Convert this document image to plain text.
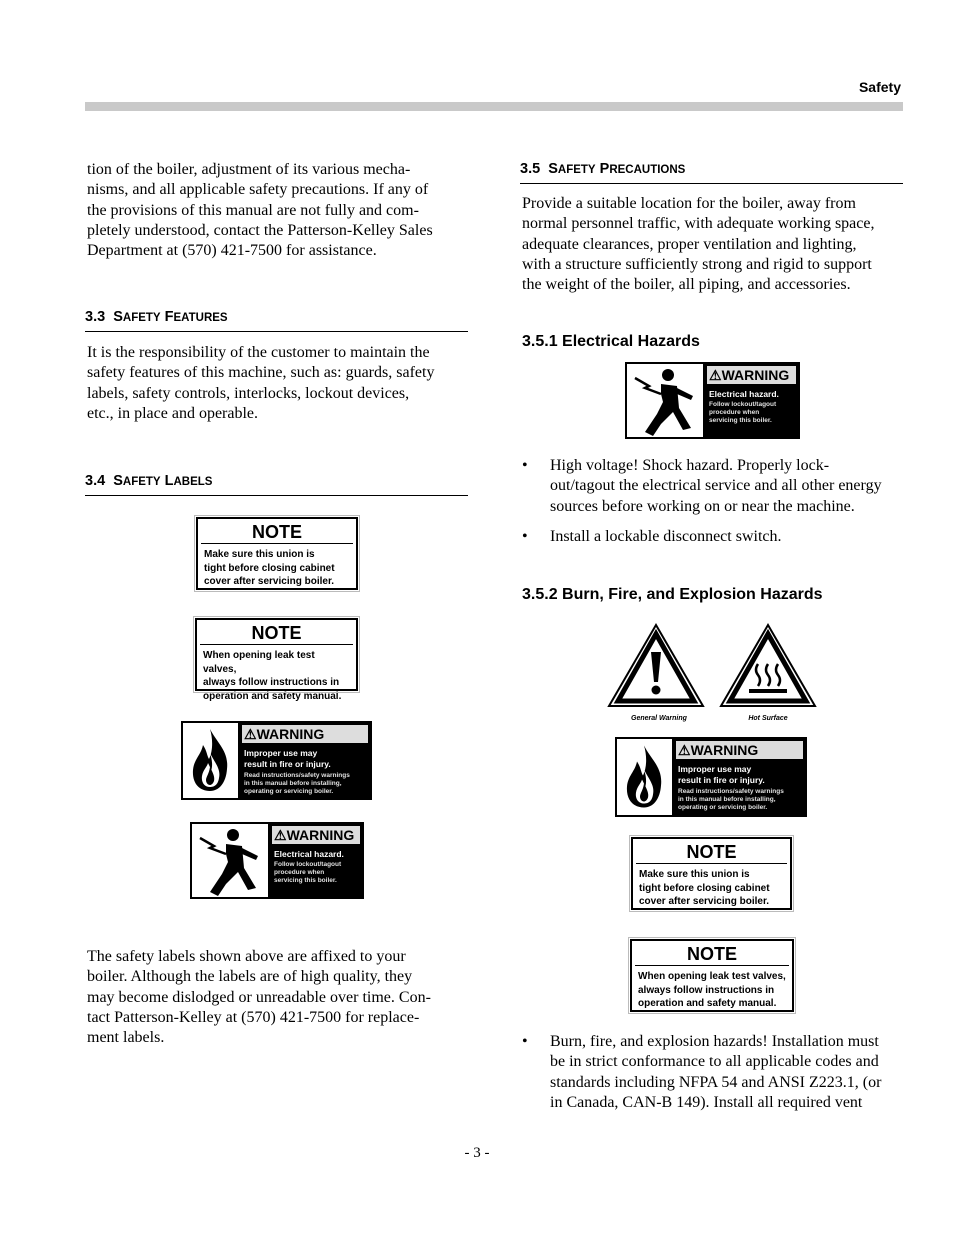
Safety
tion of the boiler, adjustment of its various mecha-
nisms, and all applicable safety precautions. If any of
the provisions of this manual are not fully and com-
pletely understood, contact the Patterson-Kelley Sales
Department at (570) 421-7500 for assistance.
3.3 SAFETY FEATURES
It is the responsibility of the customer to maintain the
safety features of this machine, such as: guards, safety
labels, safety controls, interlocks, lockout devices,
etc., in place and operable.
3.4 SAFETY LABELS
NOTE
Make sure this union is
tight before closing cabinet
cover after servicing boiler.
NOTE
When opening leak test valves,
always follow instructions in
operation and safety manual.
⚠WARNING
Improper use may
result in fire or injury.
Read instructions/safety warnings
in this manual before installing,
operating or servicing boiler.
⚠WARNING
Electrical hazard.
Follow lockout/tagout
procedure when
servicing this boiler.
The safety labels shown above are affixed to your
boiler. Although the labels are of high quality, they
may become dislodged or unreadable over time. Con-
tact Patterson-Kelley at (570) 421-7500 for replace-
ment labels.
3.5 SAFETY PRECAUTIONS
Provide a suitable location for the boiler, away from
normal personnel traffic, with adequate working space,
adequate clearances, proper ventilation and lighting,
with a structure sufficiently strong and rigid to support
the weight of the boiler, all piping, and accessories.
3.5.1 Electrical Hazards
⚠WARNING
Electrical hazard.
Follow lockout/tagout
procedure when
servicing this boiler.
• High voltage! Shock hazard. Properly lock-
out/tagout the electrical service and all other energy
sources before working on or near the machine.
• Install a lockable disconnect switch.
3.5.2 Burn, Fire, and Explosion Hazards
General Warning	Hot Surface
⚠WARNING
Improper use may
result in fire or injury.
Read instructions/safety warnings
in this manual before installing,
operating or servicing boiler.
NOTE
Make sure this union is
tight before closing cabinet
cover after servicing boiler.
NOTE
When opening leak test valves,
always follow instructions in
operation and safety manual.
• Burn, fire, and explosion hazards! Installation must
be in strict conformance to all applicable codes and
standards including NFPA 54 and ANSI Z223.1, (or
in Canada, CAN-B 149). Install all required vent
- 3 -
